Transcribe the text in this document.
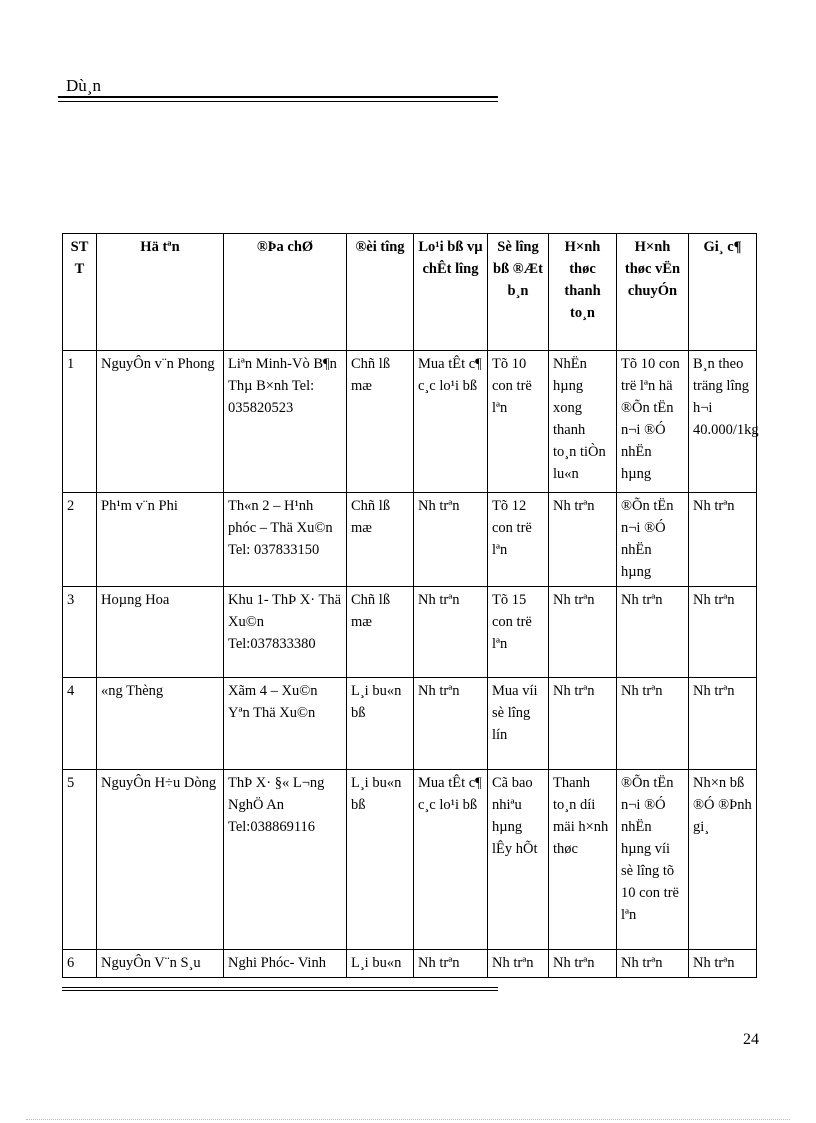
Dù¸n
ST T	Hä tªn	®Þa chØ	®èi tîng	Lo¹i bß vµ chÊt lîng	Sè lîng bß ®Æt b¸n	H×nh thøc thanh to¸n	H×nh thøc vËn chuyÓn	Gi¸ c¶
1	NguyÔn v¨n Phong	Liªn Minh-Vò B¶n Thµ B×nh Tel: 035820523	Chñ lß mæ	Mua tÊt c¶ c¸c lo¹i bß	Tõ 10 con trë lªn	NhËn hµng xong thanh to¸n tiÒn lu«n	Tõ 10 con trë lªn hä ®Õn tËn n¬i ®Ó nhËn hµng	B¸n theo träng lîng h¬i 40.000/1kg
2	Ph¹m v¨n Phi	Th«n 2 – H¹nh phóc – Thä Xu©n Tel: 037833150	Chñ lß mæ	Nh trªn	Tõ 12 con trë lªn	Nh trªn	®Õn tËn n¬i ®Ó nhËn hµng	Nh trªn
3	Hoµng Hoa	Khu 1- ThÞ X· Thä Xu©n Tel:037833380	Chñ lß mæ	Nh trªn	Tõ 15 con trë lªn	Nh trªn	Nh trªn	Nh trªn
4	«ng Thèng	Xãm 4 – Xu©n Yªn Thä Xu©n	L¸i bu«n bß	Nh trªn	Mua víi sè lîng lín	Nh trªn	Nh trªn	Nh trªn
5	NguyÔn H÷u Dòng	ThÞ X· §« L¬ng NghÖ An Tel:038869116	L¸i bu«n bß	Mua tÊt c¶ c¸c lo¹i bß	Cã bao nhiªu hµng lÊy hÕt	Thanh to¸n díi mäi h×nh thøc	®Õn tËn n¬i ®Ó nhËn hµng víi sè lîng tõ 10 con trë lªn	Nh×n bß ®Ó ®Þnh gi¸
6	NguyÔn V¨n S¸u	Nghi Phóc- Vinh	L¸i bu«n	Nh trªn	Nh trªn	Nh trªn	Nh trªn	Nh trªn
24
